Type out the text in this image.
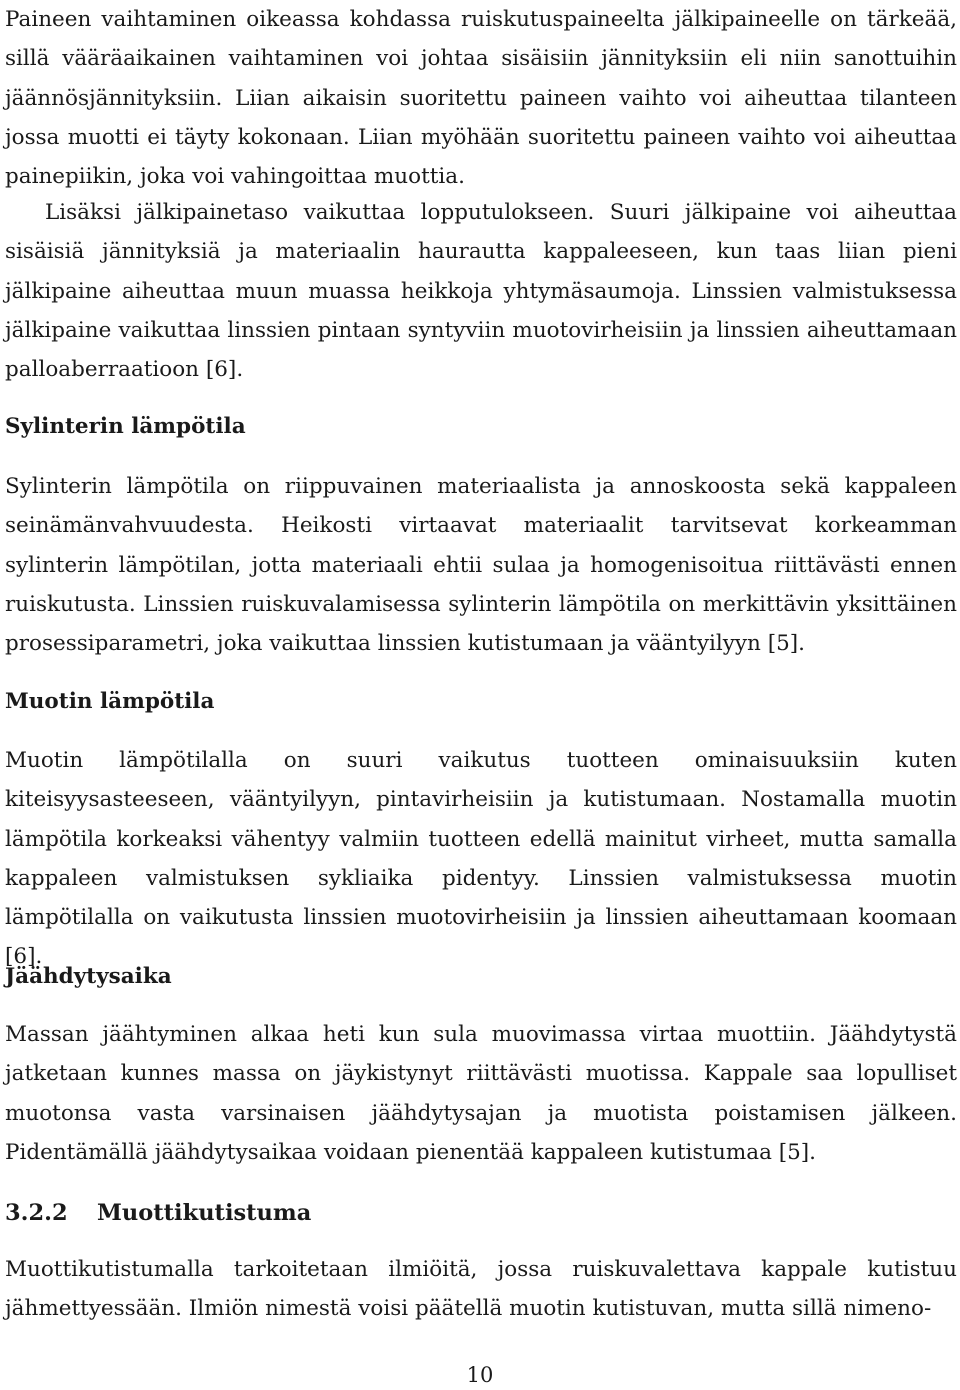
Paineen vaihtaminen oikeassa kohdassa ruiskutuspaineelta jälkipaineelle on tärkeää, sillä vääräaikainen vaihtaminen voi johtaa sisäisiin jännityksiin eli niin sanottuihin jäännösjännityksiin. Liian aikaisin suoritettu paineen vaihto voi aiheuttaa tilanteen jossa muotti ei täyty kokonaan. Liian myöhään suoritettu paineen vaihto voi aiheuttaa painepiikin, joka voi vahingoittaa muottia.

Lisäksi jälkipainetaso vaikuttaa lopputulokseen. Suuri jälkipaine voi aiheuttaa sisäisiä jännityksiä ja materiaalin haurautta kappaleeseen, kun taas liian pieni jälkipaine aiheuttaa muun muassa heikkoja yhtymäsaumoja. Linssien valmistuksessa jälkipaine vaikuttaa linssien pintaan syntyviin muotovirheisiin ja linssien aiheuttamaan palloaberraatioon [6].

Sylinterin lämpötila

Sylinterin lämpötila on riippuvainen materiaalista ja annoskoosta sekä kappaleen seinämänvahvuudesta. Heikosti virtaavat materiaalit tarvitsevat korkeamman sylinterin lämpötilan, jotta materiaali ehtii sulaa ja homogenisoitua riittävästi ennen ruiskutusta. Linssien ruiskuvalamisessa sylinterin lämpötila on merkittävin yksittäinen prosessiparametri, joka vaikuttaa linssien kutistumaan ja vääntyilyyn [5].

Muotin lämpötila

Muotin lämpötilalla on suuri vaikutus tuotteen ominaisuuksiin kuten kiteisyysasteeseen, vääntyilyyn, pintavirheisiin ja kutistumaan. Nostamalla muotin lämpötila korkeaksi vähentyy valmiin tuotteen edellä mainitut virheet, mutta samalla kappaleen valmistuksen sykliaika pidentyy. Linssien valmistuksessa muotin lämpötilalla on vaikutusta linssien muotovirheisiin ja linssien aiheuttamaan koomaan [6].

Jäähdytysaika

Massan jäähtyminen alkaa heti kun sula muovimassa virtaa muottiin. Jäähdytystä jatketaan kunnes massa on jäykistynyt riittävästi muotissa. Kappale saa lopulliset muotonsa vasta varsinaisen jäähdytysajan ja muotista poistamisen jälkeen. Pidentämällä jäähdytysaikaa voidaan pienentää kappaleen kutistumaa [5].

3.2.2 Muottikutistuma

Muottikutistumalla tarkoitetaan ilmiöitä, jossa ruiskuvalettava kappale kutistuu jähmettyessään. Ilmiön nimestä voisi päätellä muotin kutistuvan, mutta sillä nimeno-

10
